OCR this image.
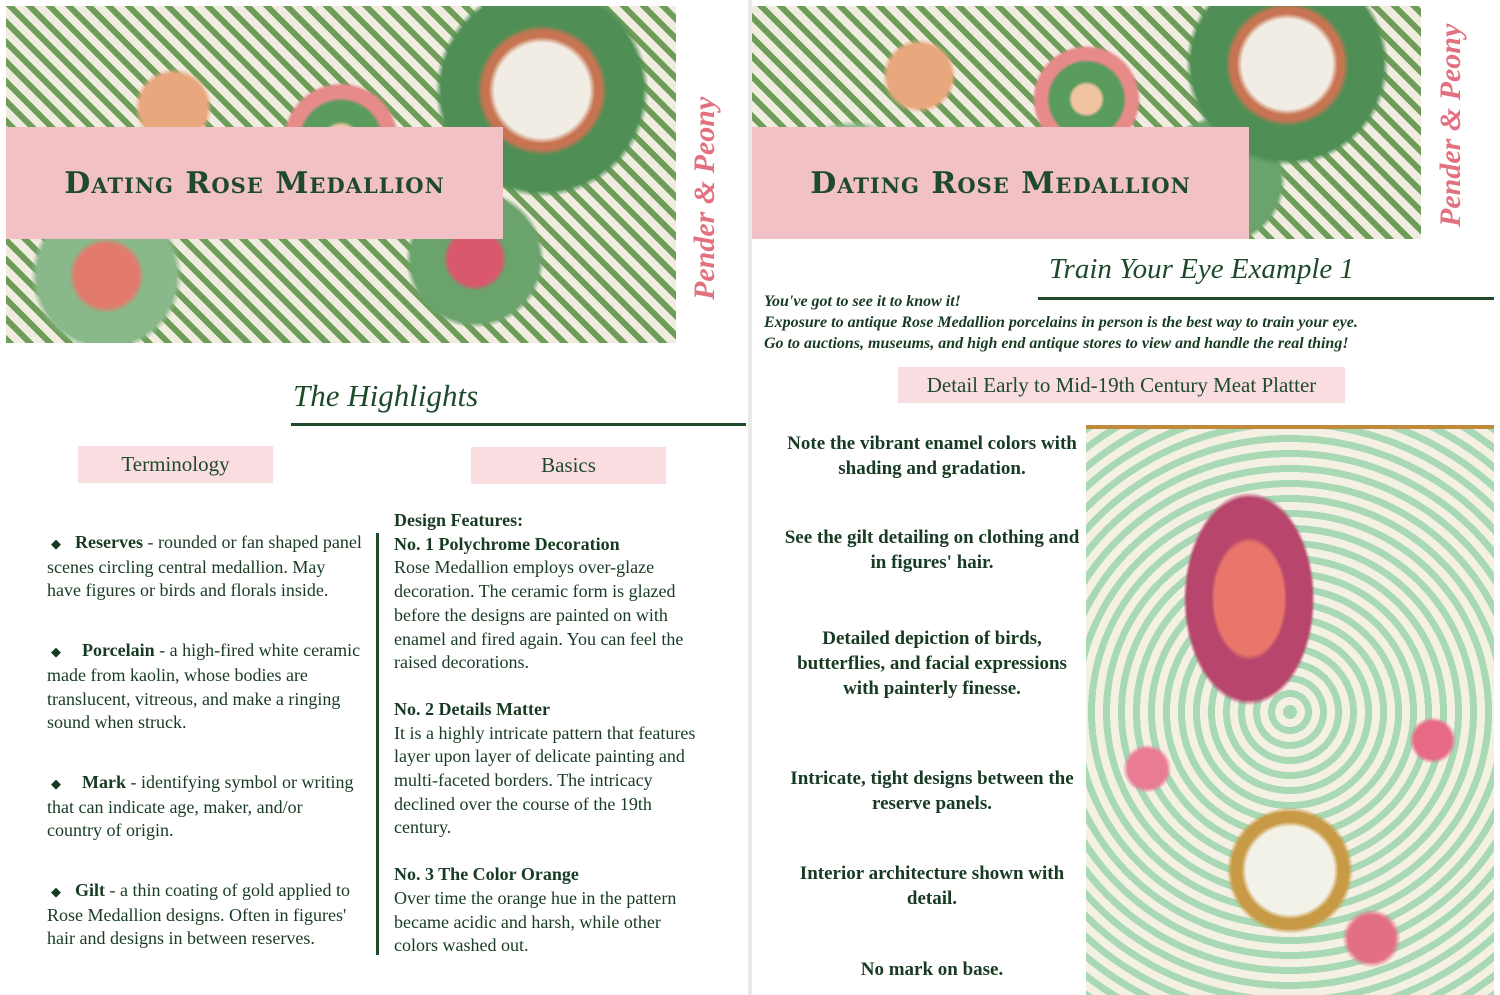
Dating Rose Medallion	Pender & Peony
The Highlights
Terminology	Basics
◆ Reserves - rounded or fan shaped panel scenes circling central medallion. May have figures or birds and florals inside.
◆ Porcelain - a high-fired white ceramic made from kaolin, whose bodies are translucent, vitreous, and make a ringing sound when struck.
◆ Mark - identifying symbol or writing that can indicate age, maker, and/or country of origin.
◆ Gilt - a thin coating of gold applied to Rose Medallion designs. Often in figures' hair and designs in between reserves.
Design Features:
No. 1 Polychrome Decoration
Rose Medallion employs over-glaze decoration. The ceramic form is glazed before the designs are painted on with enamel and fired again. You can feel the raised decorations.
No. 2 Details Matter
It is a highly intricate pattern that features layer upon layer of delicate painting and multi-faceted borders. The intricacy declined over the course of the 19th century.
No. 3 The Color Orange
Over time the orange hue in the pattern became acidic and harsh, while other colors washed out.
Dating Rose Medallion	Pender & Peony
Train Your Eye Example 1
You've got to see it to know it!
Exposure to antique Rose Medallion porcelains in person is the best way to train your eye.
Go to auctions, museums, and high end antique stores to view and handle the real thing!
Detail Early to Mid-19th Century Meat Platter
Note the vibrant enamel colors with shading and gradation.
See the gilt detailing on clothing and in figures' hair.
Detailed depiction of birds, butterflies, and facial expressions with painterly finesse.
Intricate, tight designs between the reserve panels.
Interior architecture shown with detail.
No mark on base.
